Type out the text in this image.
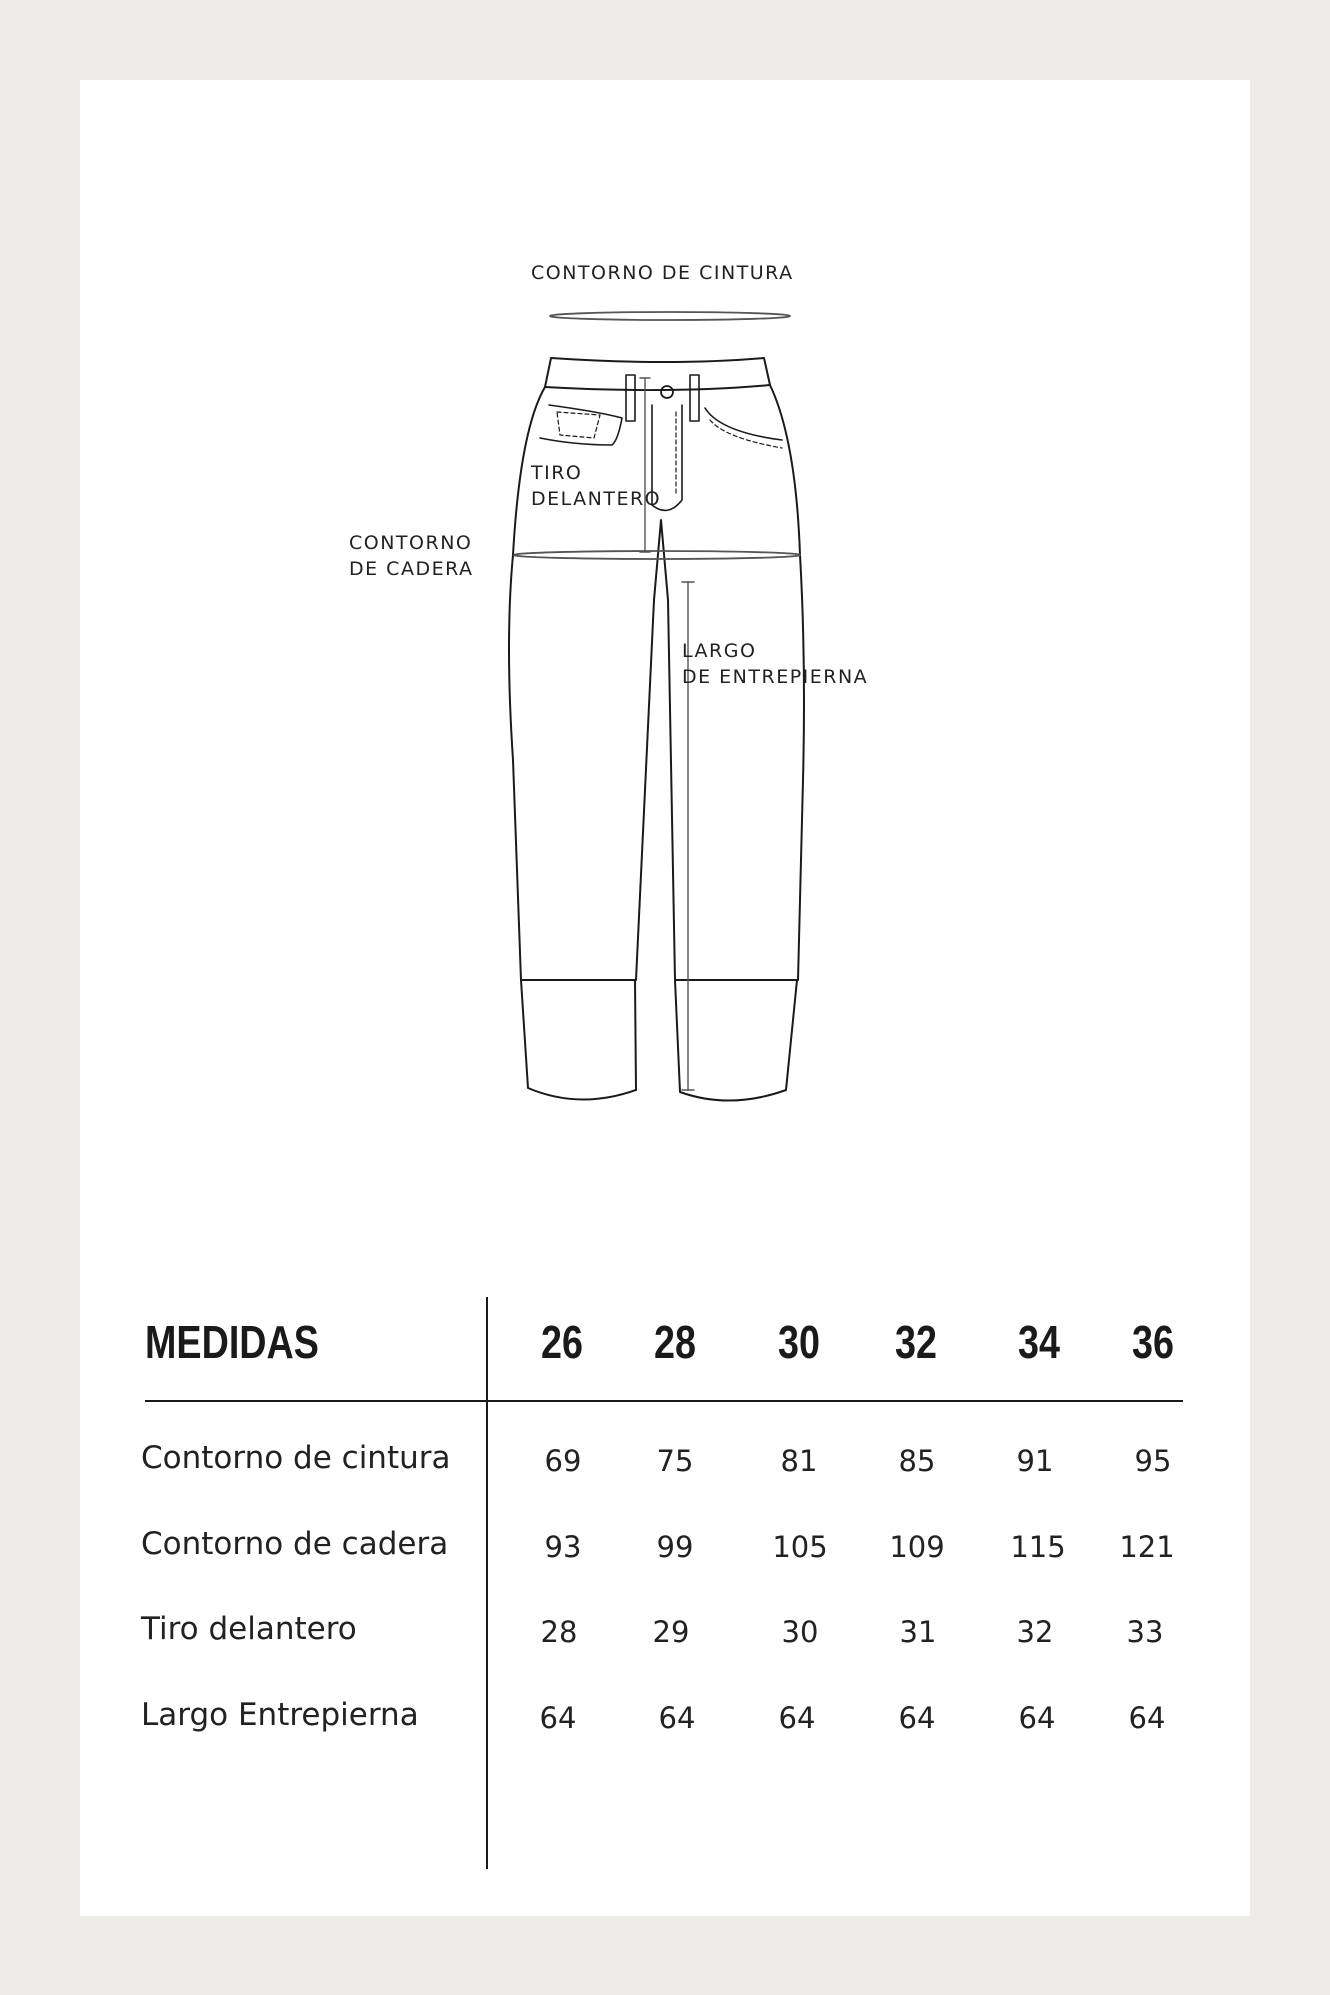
CONTORNO DE CINTURA
TIRO
DELANTERO
CONTORNO
DE CADERA
LARGO
DE ENTREPIERNA
MEDIDAS	26	28	30	32	34	36
Contorno de cintura	69	75	81	85	91	95
Contorno de cadera	93	99	105	109	115	121
Tiro delantero	28	29	30	31	32	33
Largo Entrepierna	64	64	64	64	64	64
